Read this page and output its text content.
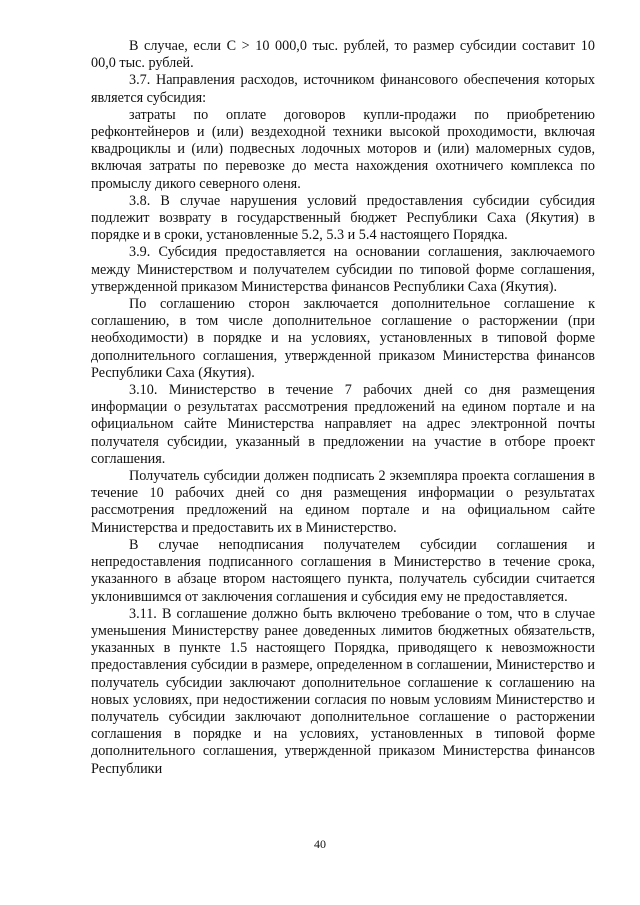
В случае, если С > 10 000,0 тыс. рублей, то размер субсидии составит 10 00,0 тыс. рублей.

3.7. Направления расходов, источником финансового обеспечения которых является субсидия:

затраты по оплате договоров купли-продажи по приобретению рефконтейнеров и (или) вездеходной техники высокой проходимости, включая квадроциклы и (или) подвесных лодочных моторов и (или) маломерных судов, включая затраты по перевозке до места нахождения охотничего комплекса по промыслу дикого северного оленя.

3.8. В случае нарушения условий предоставления субсидии субсидия подлежит возврату в государственный бюджет Республики Саха (Якутия) в порядке и в сроки, установленные 5.2, 5.3 и 5.4 настоящего Порядка.

3.9. Субсидия предоставляется на основании соглашения, заключаемого между Министерством и получателем субсидии по типовой форме соглашения, утвержденной приказом Министерства финансов Республики Саха (Якутия).

По соглашению сторон заключается дополнительное соглашение к соглашению, в том числе дополнительное соглашение о расторжении (при необходимости) в порядке и на условиях, установленных в типовой форме дополнительного соглашения, утвержденной приказом Министерства финансов Республики Саха (Якутия).

3.10. Министерство в течение 7 рабочих дней со дня размещения информации о результатах рассмотрения предложений на едином портале и на официальном сайте Министерства направляет на адрес электронной почты получателя субсидии, указанный в предложении на участие в отборе проект соглашения.

Получатель субсидии должен подписать 2 экземпляра проекта соглашения в течение 10 рабочих дней со дня размещения информации о результатах рассмотрения предложений на едином портале и на официальном сайте Министерства и предоставить их в Министерство.

В случае неподписания получателем субсидии соглашения и непредоставления подписанного соглашения в Министерство в течение срока, указанного в абзаце втором настоящего пункта, получатель субсидии считается уклонившимся от заключения соглашения и субсидия ему не предоставляется.

3.11. В соглашение должно быть включено требование о том, что в случае уменьшения Министерству ранее доведенных лимитов бюджетных обязательств, указанных в пункте 1.5 настоящего Порядка, приводящего к невозможности предоставления субсидии в размере, определенном в соглашении, Министерство и получатель субсидии заключают дополнительное соглашение к соглашению на новых условиях, при недостижении согласия по новым условиям Министерство и получатель субсидии заключают дополнительное соглашение о расторжении соглашения в порядке и на условиях, установленных в типовой форме дополнительного соглашения, утвержденной приказом Министерства финансов Республики

40
